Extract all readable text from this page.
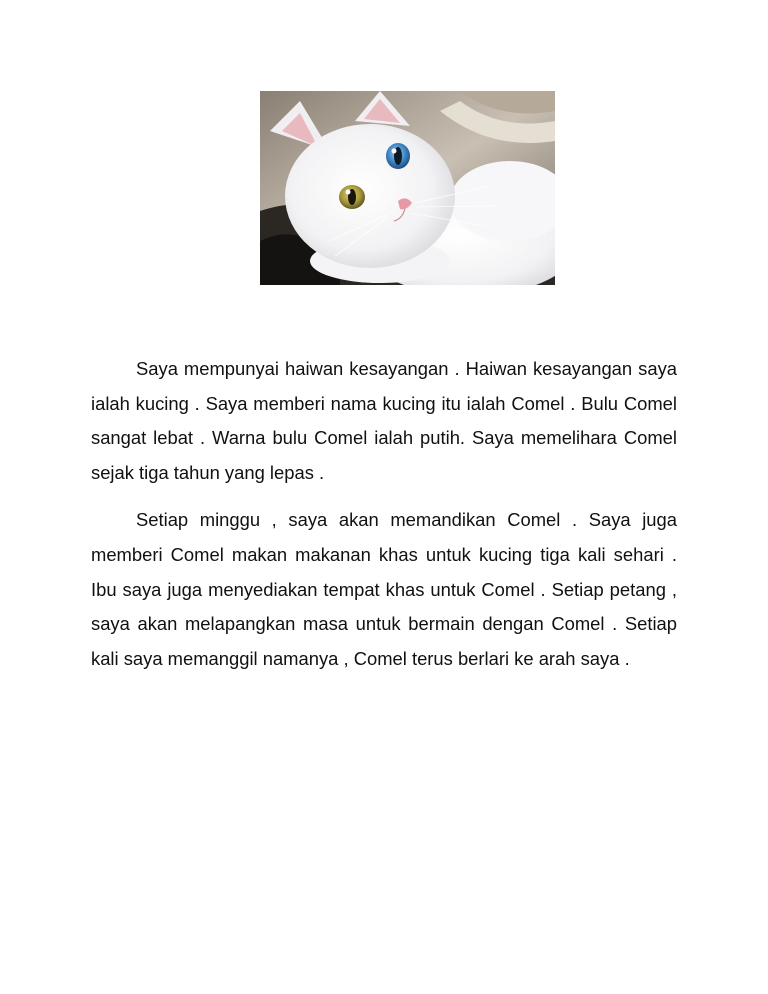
Saya mempunyai haiwan kesayangan . Haiwan kesayangan saya ialah kucing . Saya memberi nama kucing itu ialah Comel . Bulu Comel sangat lebat . Warna bulu Comel ialah putih. Saya memelihara Comel sejak tiga tahun yang lepas .

Setiap minggu , saya akan memandikan Comel . Saya juga memberi Comel makan makanan khas untuk kucing tiga kali sehari . Ibu saya juga menyediakan tempat khas untuk Comel . Setiap petang , saya akan melapangkan masa untuk bermain dengan Comel . Setiap kali saya memanggil namanya , Comel terus berlari ke arah saya .
